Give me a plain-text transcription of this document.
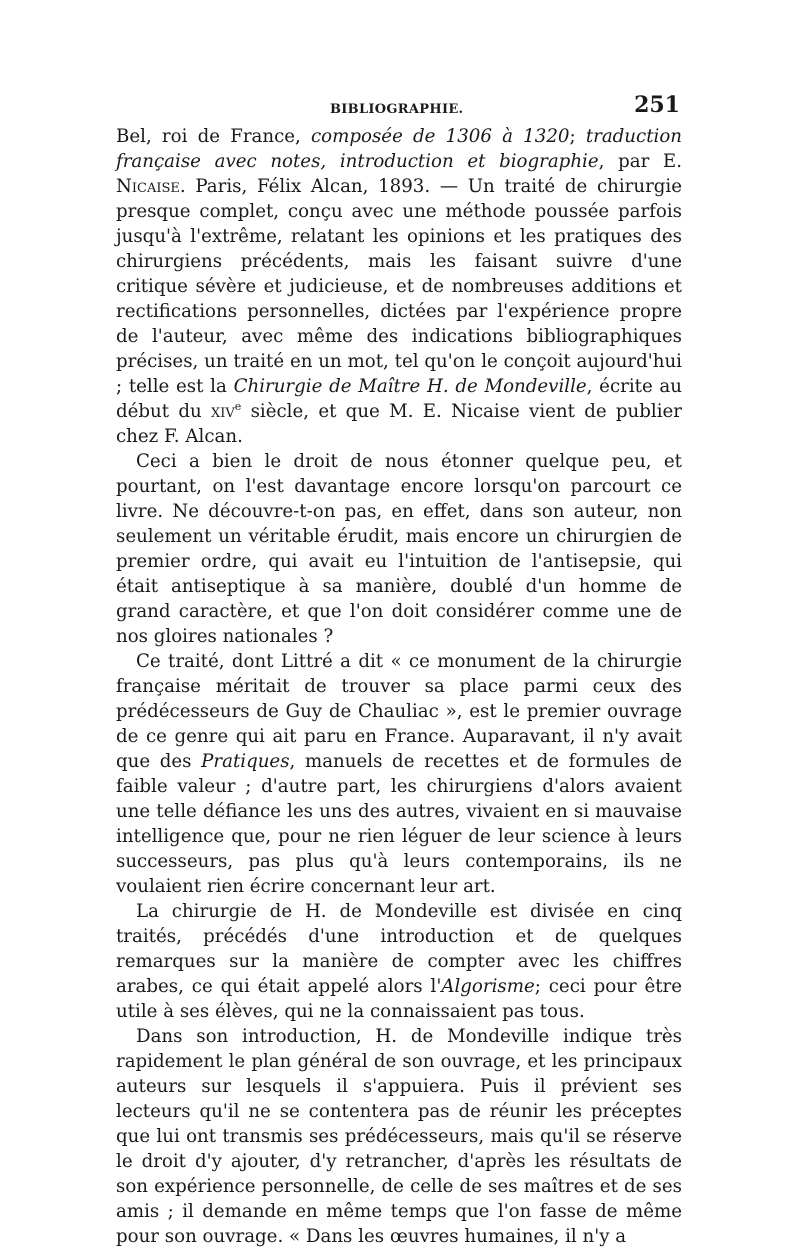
BIBLIOGRAPHIE.	251

Bel, roi de France, composée de 1306 à 1320; traduction française avec notes, introduction et biographie, par E. Nicaise. Paris, Félix Alcan, 1893. — Un traité de chirurgie presque complet, conçu avec une méthode poussée parfois jusqu'à l'extrême, relatant les opinions et les pratiques des chirurgiens précédents, mais les faisant suivre d'une critique sévère et judicieuse, et de nombreuses additions et rectifications personnelles, dictées par l'expérience propre de l'auteur, avec même des indications bibliographiques précises, un traité en un mot, tel qu'on le conçoit aujourd'hui ; telle est la Chirurgie de Maître H. de Mondeville, écrite au début du xiv$^e$ siècle, et que M. E. Nicaise vient de publier chez F. Alcan.

Ceci a bien le droit de nous étonner quelque peu, et pourtant, on l'est davantage encore lorsqu'on parcourt ce livre. Ne découvre-t-on pas, en effet, dans son auteur, non seulement un véritable érudit, mais encore un chirurgien de premier ordre, qui avait eu l'intuition de l'antisepsie, qui était antiseptique à sa manière, doublé d'un homme de grand caractère, et que l'on doit considérer comme une de nos gloires nationales ?

Ce traité, dont Littré a dit « ce monument de la chirurgie française méritait de trouver sa place parmi ceux des prédécesseurs de Guy de Chauliac », est le premier ouvrage de ce genre qui ait paru en France. Auparavant, il n'y avait que des Pratiques, manuels de recettes et de formules de faible valeur ; d'autre part, les chirurgiens d'alors avaient une telle défiance les uns des autres, vivaient en si mauvaise intelligence que, pour ne rien léguer de leur science à leurs successeurs, pas plus qu'à leurs contemporains, ils ne voulaient rien écrire concernant leur art.

La chirurgie de H. de Mondeville est divisée en cinq traités, précédés d'une introduction et de quelques remarques sur la manière de compter avec les chiffres arabes, ce qui était appelé alors l'Algorisme; ceci pour être utile à ses élèves, qui ne la connaissaient pas tous.

Dans son introduction, H. de Mondeville indique très rapidement le plan général de son ouvrage, et les principaux auteurs sur lesquels il s'appuiera. Puis il prévient ses lecteurs qu'il ne se contentera pas de réunir les préceptes que lui ont transmis ses prédécesseurs, mais qu'il se réserve le droit d'y ajouter, d'y retrancher, d'après les résultats de son expérience personnelle, de celle de ses maîtres et de ses amis ; il demande en même temps que l'on fasse de même pour son ouvrage. « Dans les œuvres humaines, il n'y a
